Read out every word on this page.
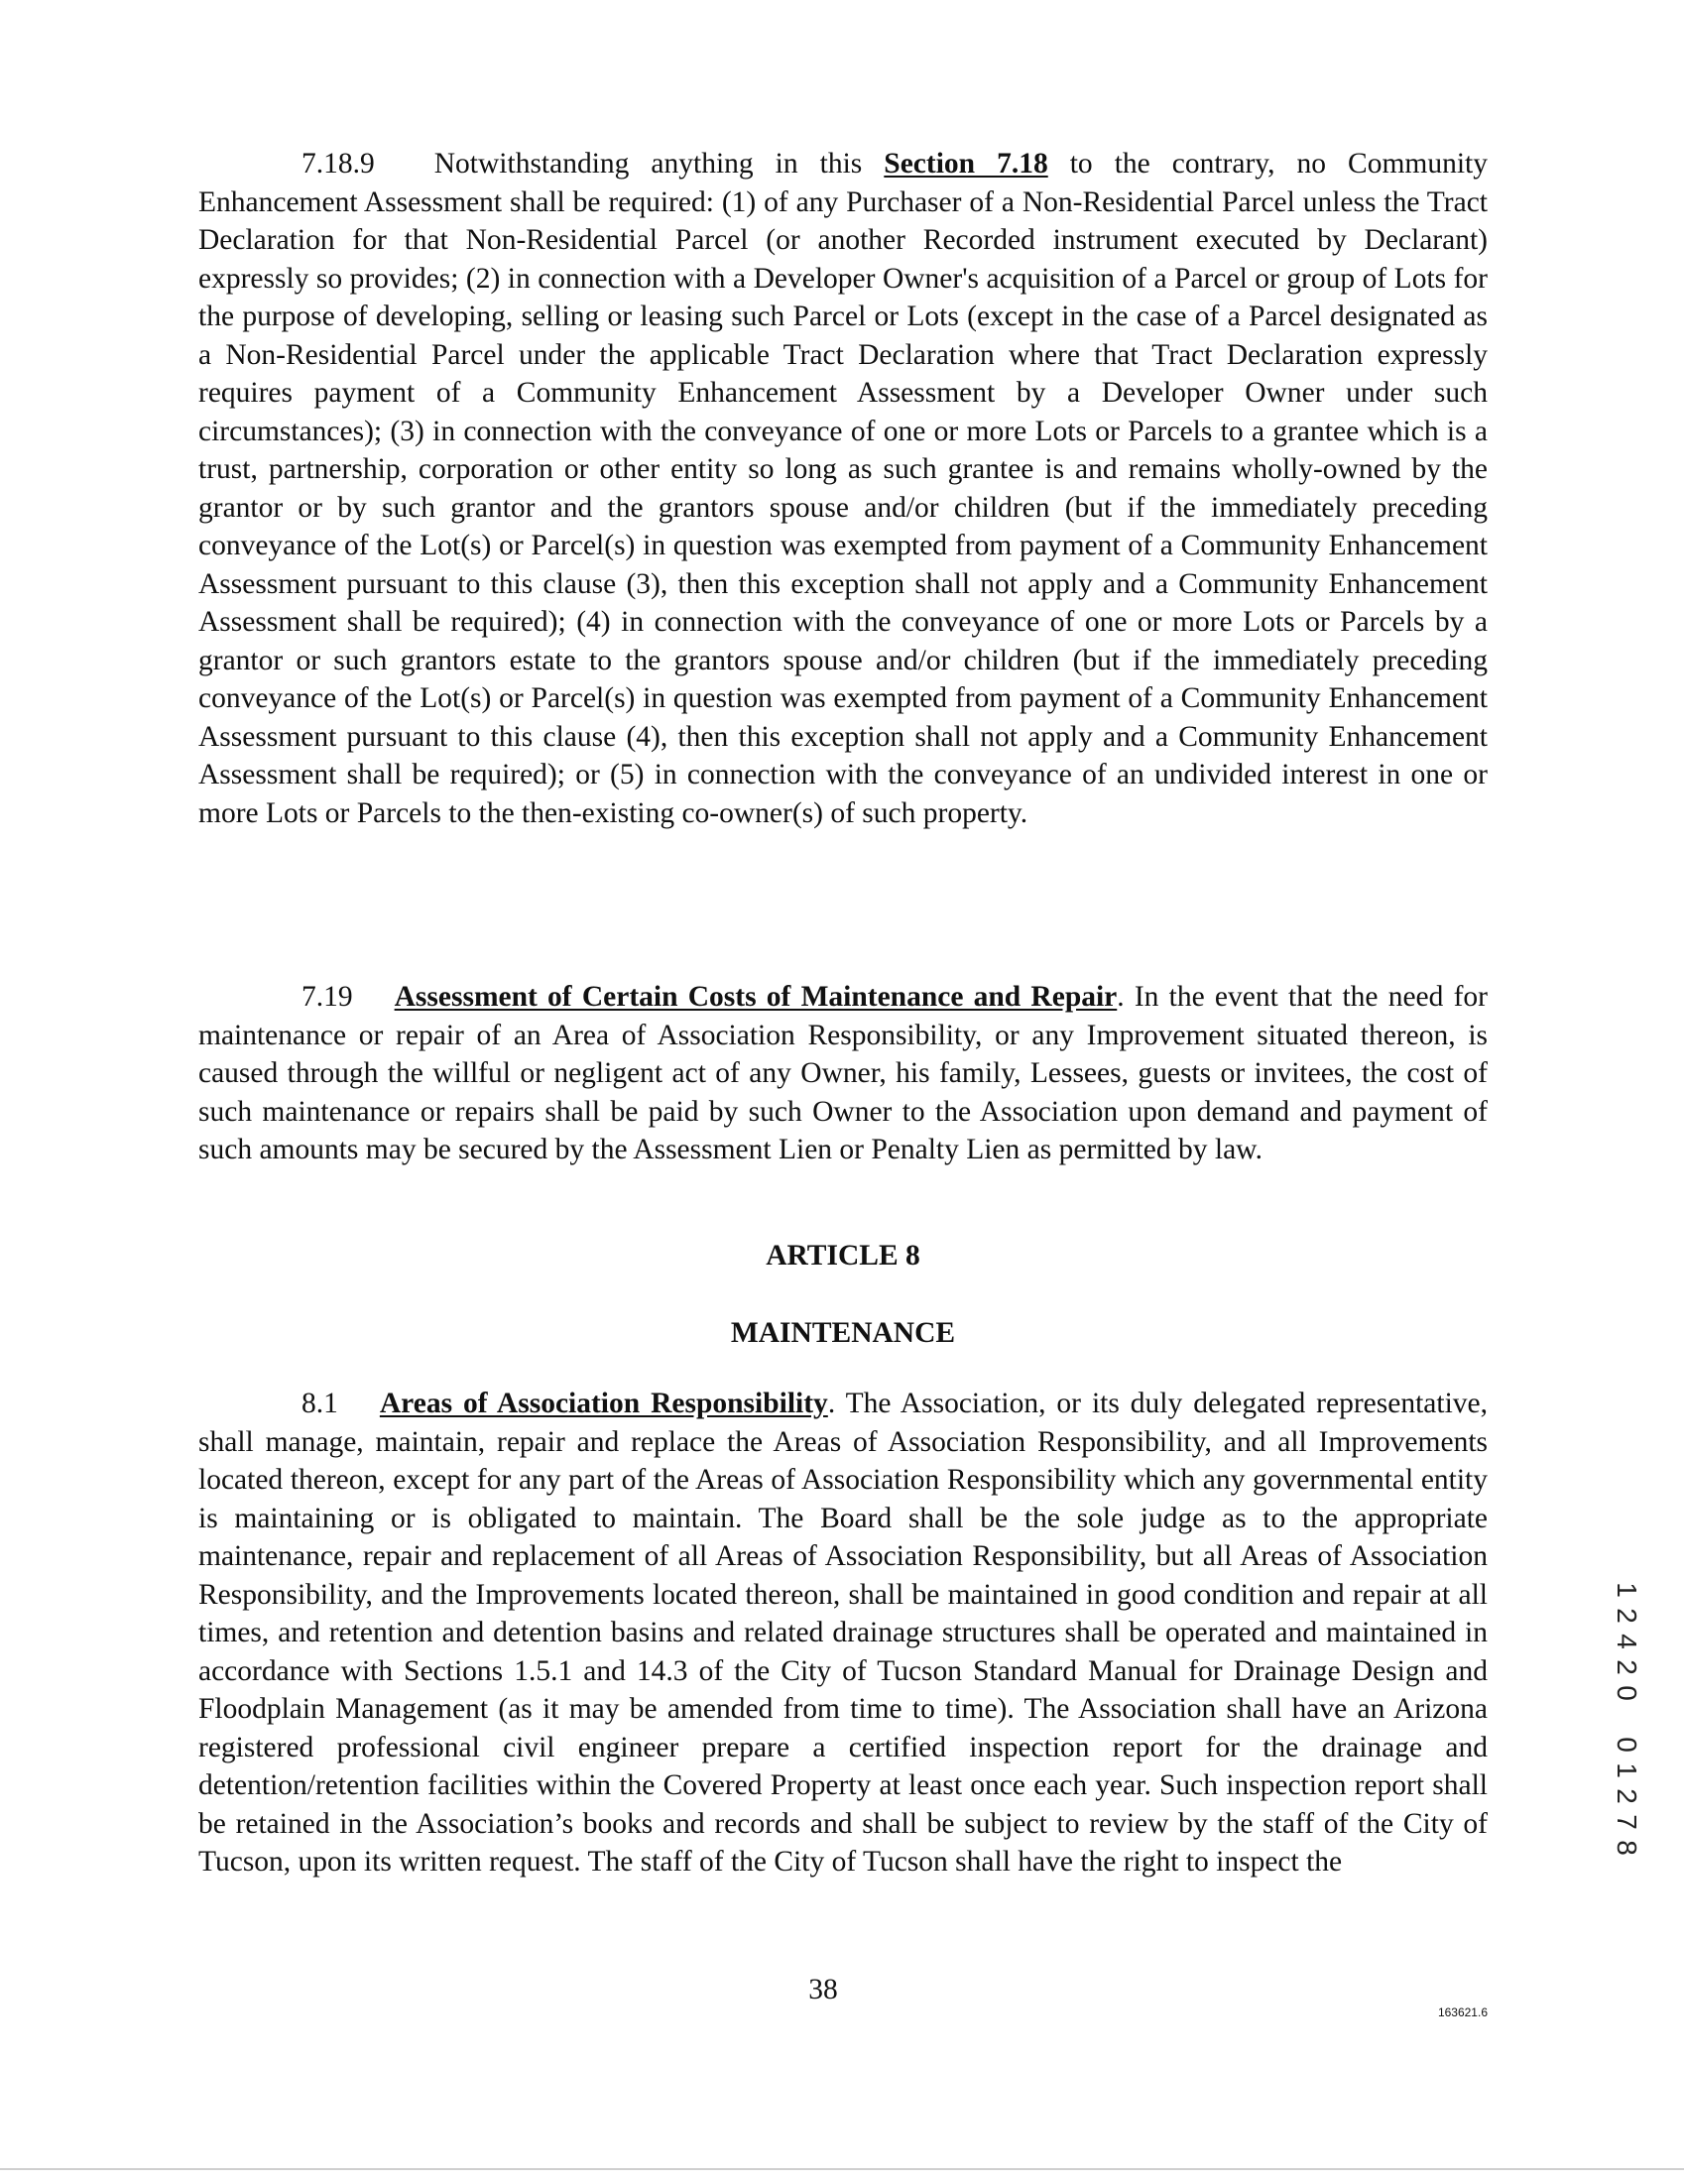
7.18.9 Notwithstanding anything in this Section 7.18 to the contrary, no Community Enhancement Assessment shall be required: (1) of any Purchaser of a Non-Residential Parcel unless the Tract Declaration for that Non-Residential Parcel (or another Recorded instrument executed by Declarant) expressly so provides; (2) in connection with a Developer Owner's acquisition of a Parcel or group of Lots for the purpose of developing, selling or leasing such Parcel or Lots (except in the case of a Parcel designated as a Non-Residential Parcel under the applicable Tract Declaration where that Tract Declaration expressly requires payment of a Community Enhancement Assessment by a Developer Owner under such circumstances); (3) in connection with the conveyance of one or more Lots or Parcels to a grantee which is a trust, partnership, corporation or other entity so long as such grantee is and remains wholly-owned by the grantor or by such grantor and the grantors spouse and/or children (but if the immediately preceding conveyance of the Lot(s) or Parcel(s) in question was exempted from payment of a Community Enhancement Assessment pursuant to this clause (3), then this exception shall not apply and a Community Enhancement Assessment shall be required); (4) in connection with the conveyance of one or more Lots or Parcels by a grantor or such grantors estate to the grantors spouse and/or children (but if the immediately preceding conveyance of the Lot(s) or Parcel(s) in question was exempted from payment of a Community Enhancement Assessment pursuant to this clause (4), then this exception shall not apply and a Community Enhancement Assessment shall be required); or (5) in connection with the conveyance of an undivided interest in one or more Lots or Parcels to the then-existing co-owner(s) of such property.

7.19 Assessment of Certain Costs of Maintenance and Repair. In the event that the need for maintenance or repair of an Area of Association Responsibility, or any Improvement situated thereon, is caused through the willful or negligent act of any Owner, his family, Lessees, guests or invitees, the cost of such maintenance or repairs shall be paid by such Owner to the Association upon demand and payment of such amounts may be secured by the Assessment Lien or Penalty Lien as permitted by law.

ARTICLE 8
MAINTENANCE

8.1 Areas of Association Responsibility. The Association, or its duly delegated representative, shall manage, maintain, repair and replace the Areas of Association Responsibility, and all Improvements located thereon, except for any part of the Areas of Association Responsibility which any governmental entity is maintaining or is obligated to maintain. The Board shall be the sole judge as to the appropriate maintenance, repair and replacement of all Areas of Association Responsibility, but all Areas of Association Responsibility, and the Improvements located thereon, shall be maintained in good condition and repair at all times, and retention and detention basins and related drainage structures shall be operated and maintained in accordance with Sections 1.5.1 and 14.3 of the City of Tucson Standard Manual for Drainage Design and Floodplain Management (as it may be amended from time to time). The Association shall have an Arizona registered professional civil engineer prepare a certified inspection report for the drainage and detention/retention facilities within the Covered Property at least once each year. Such inspection report shall be retained in the Association’s books and records and shall be subject to review by the staff of the City of Tucson, upon its written request. The staff of the City of Tucson shall have the right to inspect the

38
163621.6
1
2
4
2
0
0
1
2
7
8
